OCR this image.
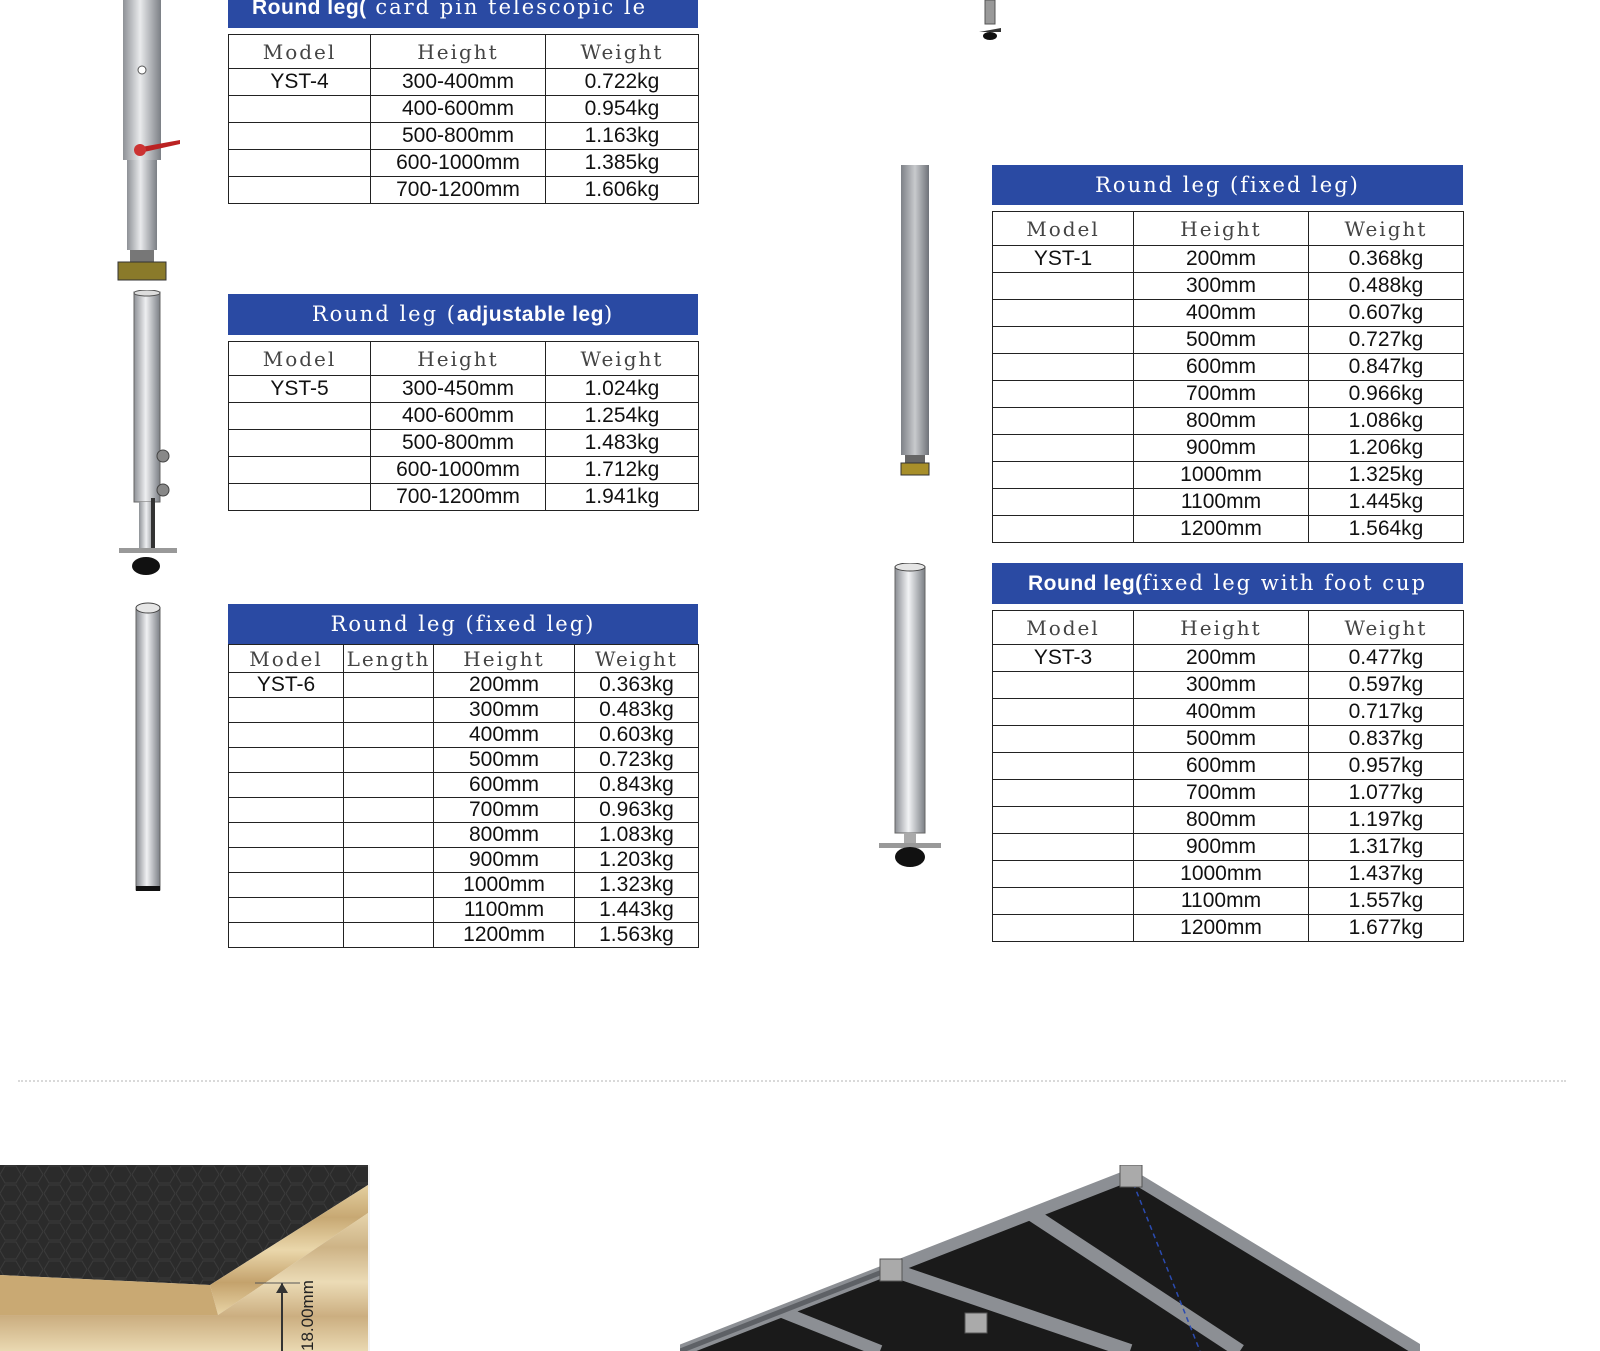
Round leg( card pin telescopic le
Model	Height	Weight
YST-4	300-400mm	0.722kg
	400-600mm	0.954kg
	500-800mm	1.163kg
	600-1000mm	1.385kg
	700-1200mm	1.606kg
Round leg (adjustable leg)
Model	Height	Weight
YST-5	300-450mm	1.024kg
	400-600mm	1.254kg
	500-800mm	1.483kg
	600-1000mm	1.712kg
	700-1200mm	1.941kg
Round leg (fixed leg)
Model	Length	Height	Weight
YST-6		200mm	0.363kg
		300mm	0.483kg
		400mm	0.603kg
		500mm	0.723kg
		600mm	0.843kg
		700mm	0.963kg
		800mm	1.083kg
		900mm	1.203kg
		1000mm	1.323kg
		1100mm	1.443kg
		1200mm	1.563kg
Round leg (fixed leg)
Model	Height	Weight
YST-1	200mm	0.368kg
	300mm	0.488kg
	400mm	0.607kg
	500mm	0.727kg
	600mm	0.847kg
	700mm	0.966kg
	800mm	1.086kg
	900mm	1.206kg
	1000mm	1.325kg
	1100mm	1.445kg
	1200mm	1.564kg
Round leg(fixed leg with foot cup
Model	Height	Weight
YST-3	200mm	0.477kg
	300mm	0.597kg
	400mm	0.717kg
	500mm	0.837kg
	600mm	0.957kg
	700mm	1.077kg
	800mm	1.197kg
	900mm	1.317kg
	1000mm	1.437kg
	1100mm	1.557kg
	1200mm	1.677kg
18.00mm
